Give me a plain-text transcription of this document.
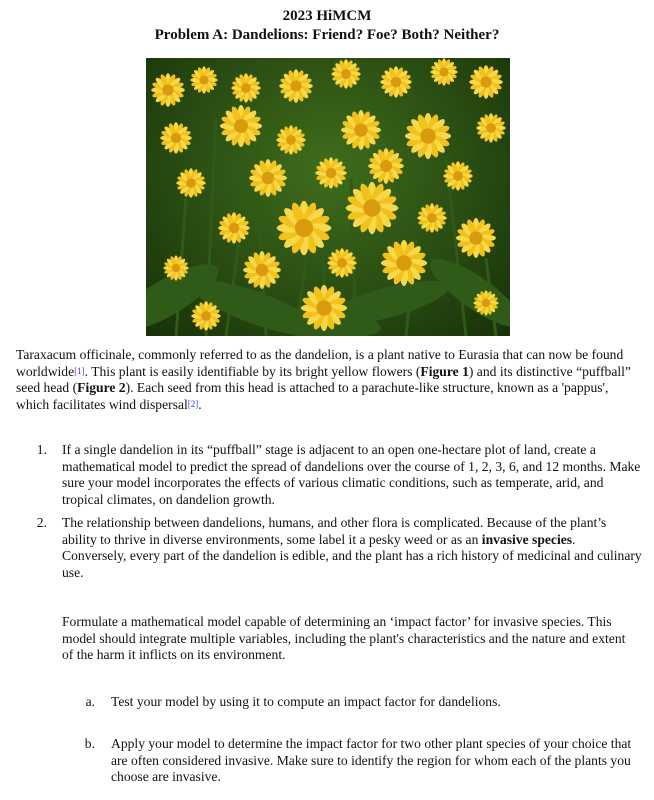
2023 HiMCM
Problem A: Dandelions: Friend? Foe? Both? Neither?

Taraxacum officinale, commonly referred to as the dandelion, is a plant native to Eurasia that can now be found worldwide[1]. This plant is easily identifiable by its bright yellow flowers (Figure 1) and its distinctive “puffball” seed head (Figure 2). Each seed from this head is attached to a parachute-like structure, known as a 'pappus', which facilitates wind dispersal[2].

1. If a single dandelion in its “puffball” stage is adjacent to an open one-hectare plot of land, create a mathematical model to predict the spread of dandelions over the course of 1, 2, 3, 6, and 12 months. Make sure your model incorporates the effects of various climatic conditions, such as temperate, arid, and tropical climates, on dandelion growth.
2. The relationship between dandelions, humans, and other flora is complicated. Because of the plant’s ability to thrive in diverse environments, some label it a pesky weed or as an invasive species. Conversely, every part of the dandelion is edible, and the plant has a rich history of medicinal and culinary use.
Formulate a mathematical model capable of determining an ‘impact factor’ for invasive species. This model should integrate multiple variables, including the plant's characteristics and the nature and extent of the harm it inflicts on its environment.
a. Test your model by using it to compute an impact factor for dandelions.
b. Apply your model to determine the impact factor for two other plant species of your choice that are often considered invasive. Make sure to identify the region for whom each of the plants you choose are invasive.
